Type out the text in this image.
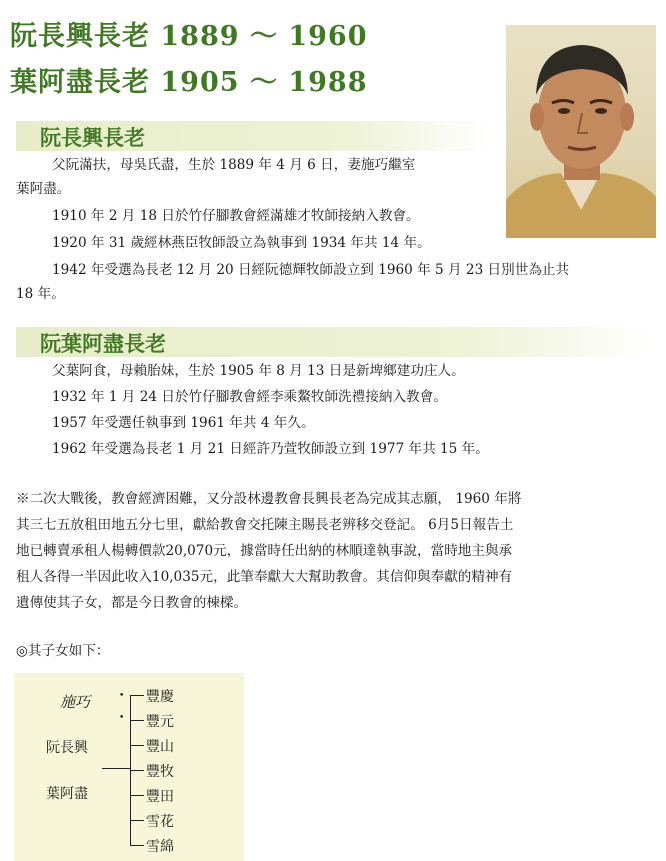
阮長興長老 1889 ～ 1960
葉阿盡長老 1905 ～ 1988
阮長興長老
父阮滿扶，母吳氏盡，生於 1889 年 4 月 6 日，妻施巧繼室
葉阿盡。
1910 年 2 月 18 日於竹仔腳教會經滿雄才牧師接納入教會。
1920 年 31 歲經林燕臣牧師設立為執事到 1934 年共 14 年。
1942 年受選為長老 12 月 20 日經阮德輝牧師設立到 1960 年 5 月 23 日別世為止共
18 年。
阮葉阿盡長老
父葉阿食，母賴胎妹，生於 1905 年 8 月 13 日是新埤鄉建功庄人。
1932 年 1 月 24 日於竹仔腳教會經李乘鰲牧師洗禮接納入教會。
1957 年受選任執事到 1961 年共 4 年久。
1962 年受選為長老 1 月 21 日經許乃萱牧師設立到 1977 年共 15 年。
※二次大戰後，教會經濟困難，又分設林邊教會長興長老為完成其志願， 1960 年將
其三七五放租田地五分七里，獻給教會交托陳主賜長老辨移交登記。 6月5日報告土
地已轉賣承租人楊轉價款20,070元，據當時任出納的林順達執事說，當時地主與承
租人各得一半因此收入10,035元，此筆奉獻大大幫助教會。其信仰與奉獻的精神有
遺傳使其子女，都是今日教會的棟樑。
◎其子女如下：
施巧
阮長興
葉阿盡
•
•
豐慶
豐元
豐山
豐牧
豐田
雪花
雪綿
